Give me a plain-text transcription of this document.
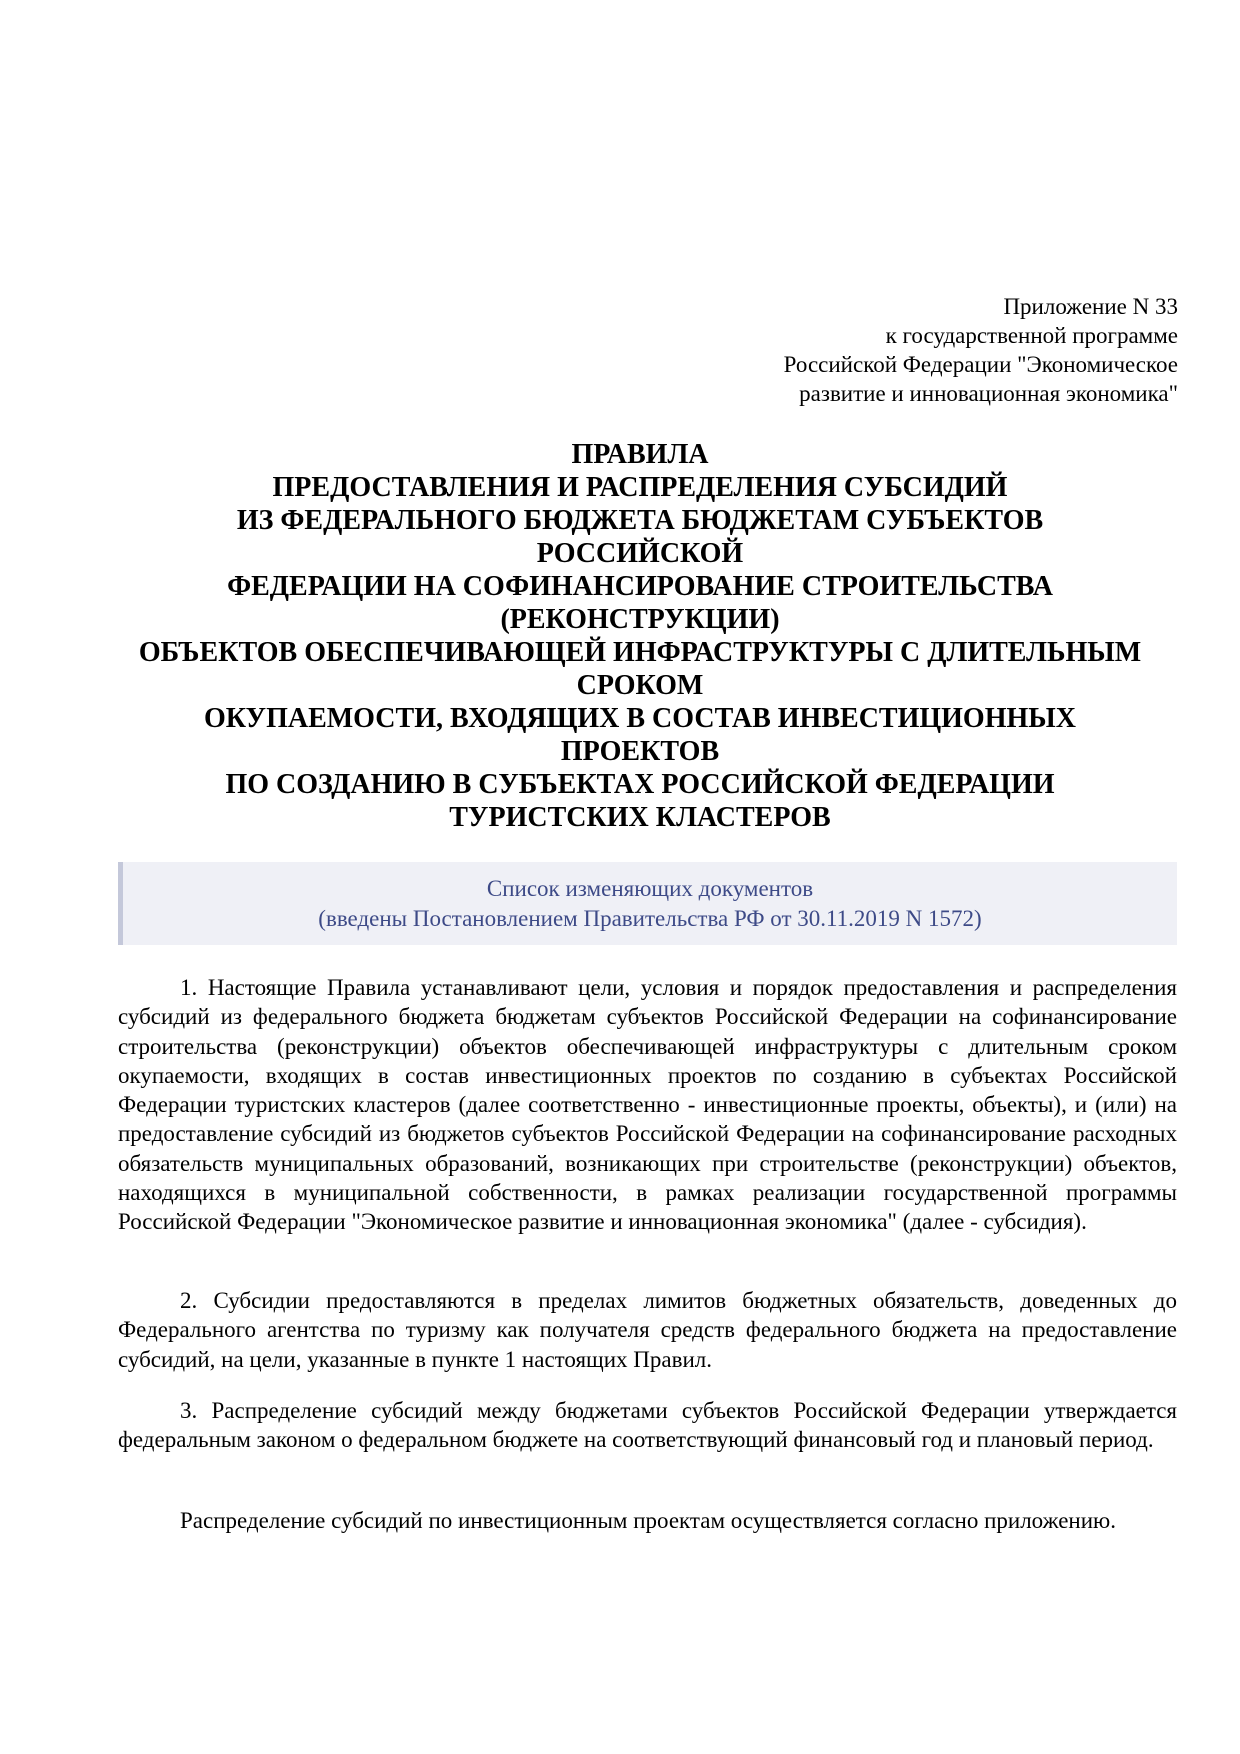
Приложение N 33
к государственной программе
Российской Федерации "Экономическое
развитие и инновационная экономика"
ПРАВИЛА
ПРЕДОСТАВЛЕНИЯ И РАСПРЕДЕЛЕНИЯ СУБСИДИЙ
ИЗ ФЕДЕРАЛЬНОГО БЮДЖЕТА БЮДЖЕТАМ СУБЪЕКТОВ
РОССИЙСКОЙ
ФЕДЕРАЦИИ НА СОФИНАНСИРОВАНИЕ СТРОИТЕЛЬСТВА
(РЕКОНСТРУКЦИИ)
ОБЪЕКТОВ ОБЕСПЕЧИВАЮЩЕЙ ИНФРАСТРУКТУРЫ С ДЛИТЕЛЬНЫМ
СРОКОМ
ОКУПАЕМОСТИ, ВХОДЯЩИХ В СОСТАВ ИНВЕСТИЦИОННЫХ
ПРОЕКТОВ
ПО СОЗДАНИЮ В СУБЪЕКТАХ РОССИЙСКОЙ ФЕДЕРАЦИИ
ТУРИСТСКИХ КЛАСТЕРОВ
Список изменяющих документов
(введены Постановлением Правительства РФ от 30.11.2019 N 1572)

1. Настоящие Правила устанавливают цели, условия и порядок предоставления и распределения субсидий из федерального бюджета бюджетам субъектов Российской Федерации на софинансирование строительства (реконструкции) объектов обеспечивающей инфраструктуры с длительным сроком окупаемости, входящих в состав инвестиционных проектов по созданию в субъектах Российской Федерации туристских кластеров (далее соответственно - инвестиционные проекты, объекты), и (или) на предоставление субсидий из бюджетов субъектов Российской Федерации на софинансирование расходных обязательств муниципальных образований, возникающих при строительстве (реконструкции) объектов, находящихся в муниципальной собственности, в рамках реализации государственной программы Российской Федерации "Экономическое развитие и инновационная экономика" (далее - субсидия).

2. Субсидии предоставляются в пределах лимитов бюджетных обязательств, доведенных до Федерального агентства по туризму как получателя средств федерального бюджета на предоставление субсидий, на цели, указанные в пункте 1 настоящих Правил.

3. Распределение субсидий между бюджетами субъектов Российской Федерации утверждается федеральным законом о федеральном бюджете на соответствующий финансовый год и плановый период.

Распределение субсидий по инвестиционным проектам осуществляется согласно приложению.
